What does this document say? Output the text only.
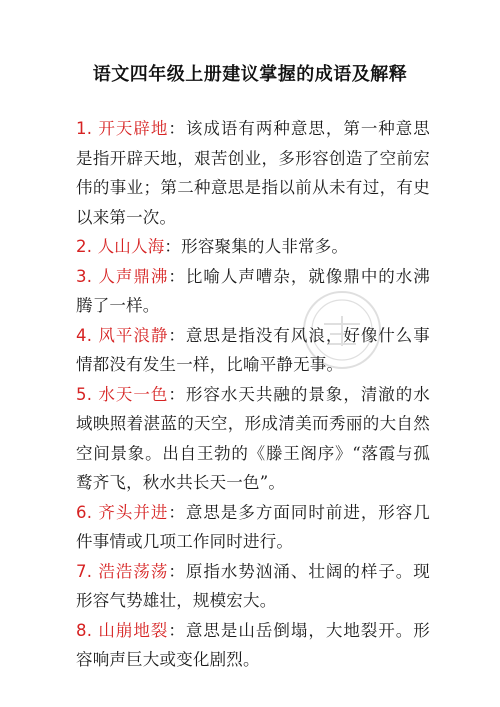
语文四年级上册建议掌握的成语及解释

1. 开天辟地：该成语有两种意思，第一种意思是指开辟天地，艰苦创业，多形容创造了空前宏伟的事业；第二种意思是指以前从未有过，有史以来第一次。

2. 人山人海：形容聚集的人非常多。

3. 人声鼎沸：比喻人声嘈杂，就像鼎中的水沸腾了一样。

4. 风平浪静：意思是指没有风浪，好像什么事情都没有发生一样，比喻平静无事。

5. 水天一色：形容水天共融的景象，清澈的水域映照着湛蓝的天空，形成清美而秀丽的大自然空间景象。出自王勃的《滕王阁序》“落霞与孤鹜齐飞，秋水共长天一色”。

6. 齐头并进：意思是多方面同时前进，形容几件事情或几项工作同时进行。

7. 浩浩荡荡：原指水势汹涌、壮阔的样子。现形容气势雄壮，规模宏大。

8. 山崩地裂：意思是山岳倒塌，大地裂开。形容响声巨大或变化剧烈。
